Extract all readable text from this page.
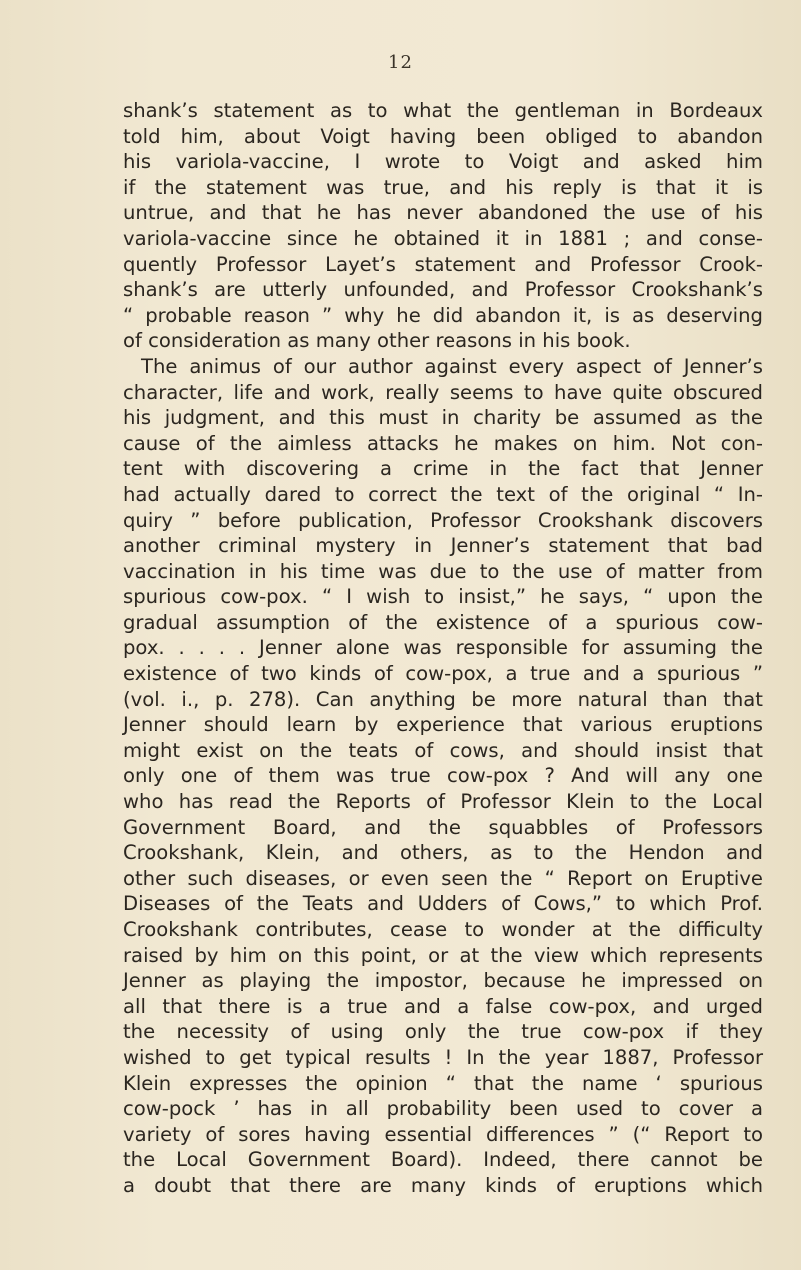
12
shank’s statement as to what the gentleman in Bordeaux
told him, about Voigt having been obliged to abandon
his variola-vaccine, I wrote to Voigt and asked him
if the statement was true, and his reply is that it is
untrue, and that he has never abandoned the use of his
variola-vaccine since he obtained it in 1881 ; and conse-
quently Professor Layet’s statement and Professor Crook-
shank’s are utterly unfounded, and Professor Crookshank’s
“ probable reason ” why he did abandon it, is as deserving
of consideration as many other reasons in his book.
The animus of our author against every aspect of Jenner’s
character, life and work, really seems to have quite obscured
his judgment, and this must in charity be assumed as the
cause of the aimless attacks he makes on him. Not con-
tent with discovering a crime in the fact that Jenner
had actually dared to correct the text of the original “ In-
quiry ” before publication, Professor Crookshank discovers
another criminal mystery in Jenner’s statement that bad
vaccination in his time was due to the use of matter from
spurious cow-pox. “ I wish to insist,” he says, “ upon the
gradual assumption of the existence of a spurious cow-
pox. . . . . Jenner alone was responsible for assuming the
existence of two kinds of cow-pox, a true and a spurious ”
(vol. i., p. 278). Can anything be more natural than that
Jenner should learn by experience that various eruptions
might exist on the teats of cows, and should insist that
only one of them was true cow-pox ? And will any one
who has read the Reports of Professor Klein to the Local
Government Board, and the squabbles of Professors
Crookshank, Klein, and others, as to the Hendon and
other such diseases, or even seen the “ Report on Eruptive
Diseases of the Teats and Udders of Cows,” to which Prof.
Crookshank contributes, cease to wonder at the difficulty
raised by him on this point, or at the view which represents
Jenner as playing the impostor, because he impressed on
all that there is a true and a false cow-pox, and urged
the necessity of using only the true cow-pox if they
wished to get typical results ! In the year 1887, Professor
Klein expresses the opinion “ that the name ‘ spurious
cow-pock ’ has in all probability been used to cover a
variety of sores having essential differences ” (“ Report to
the Local Government Board). Indeed, there cannot be
a doubt that there are many kinds of eruptions which
